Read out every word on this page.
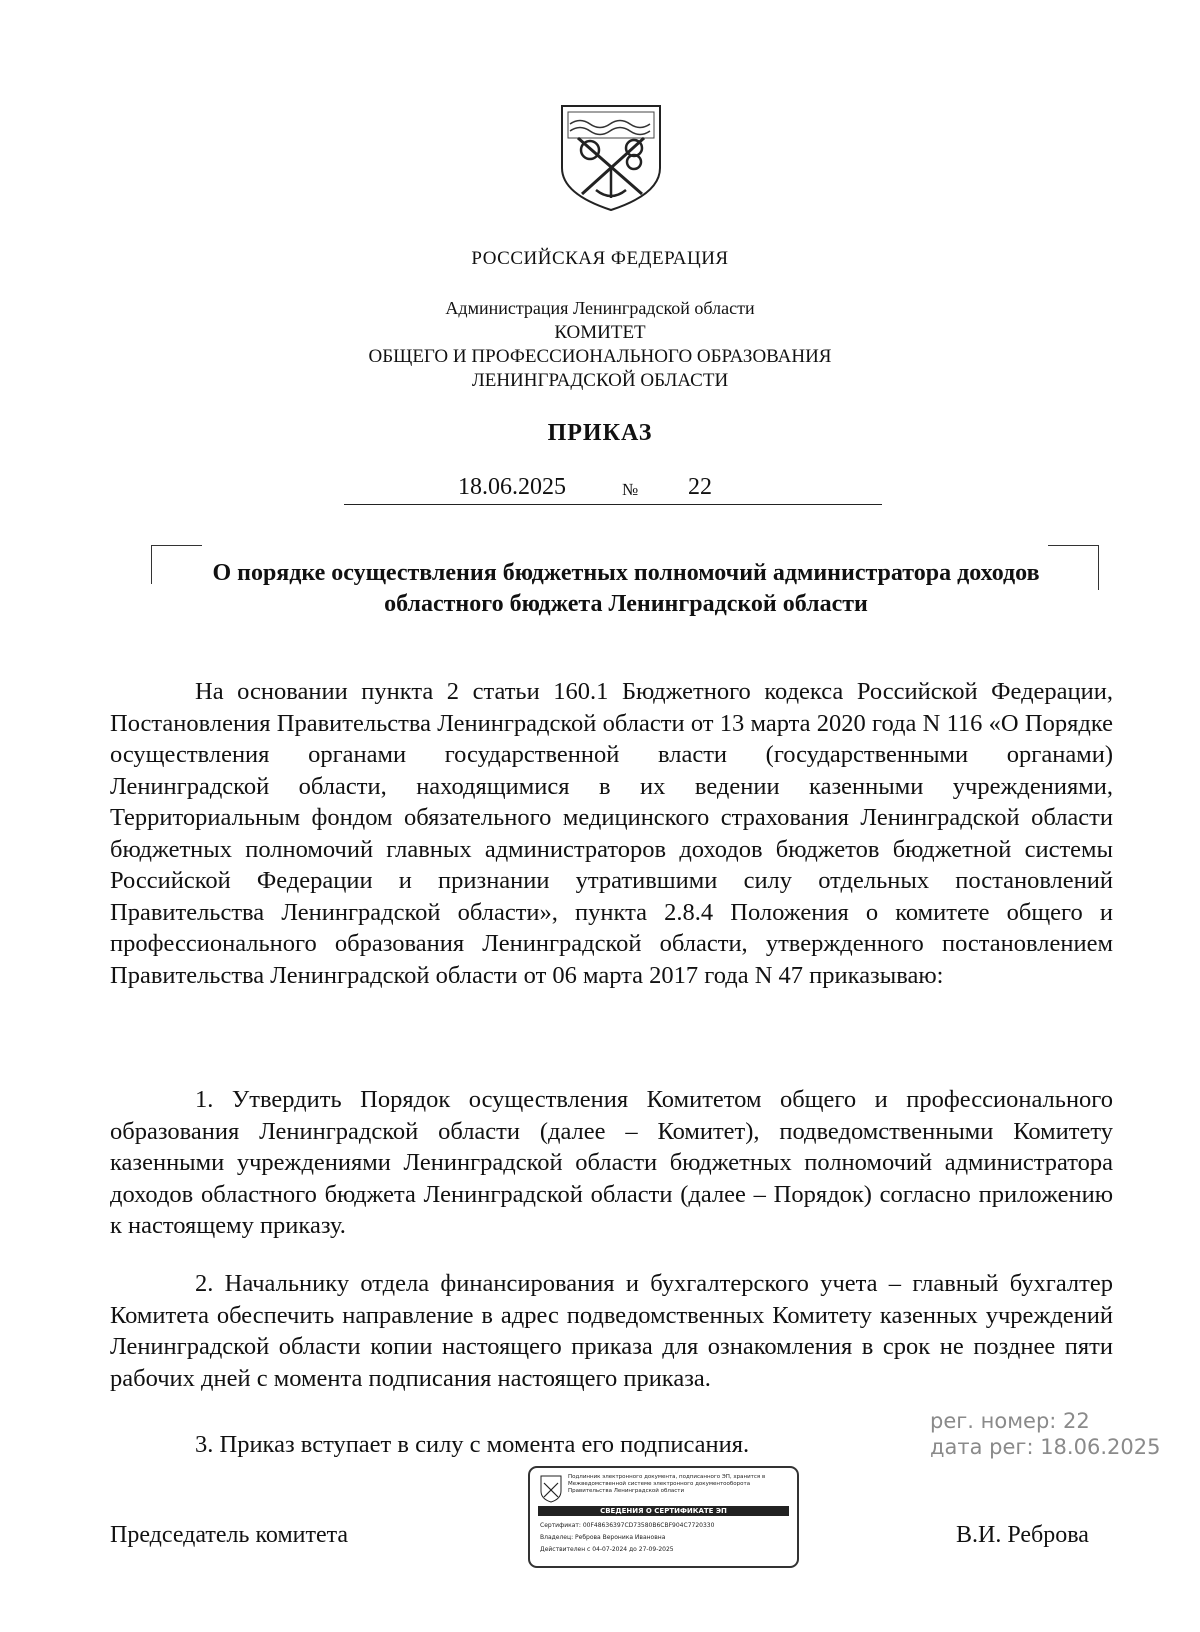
РОССИЙСКАЯ ФЕДЕРАЦИЯ
Администрация Ленинградской области
КОМИТЕТ
ОБЩЕГО И ПРОФЕССИОНАЛЬНОГО ОБРАЗОВАНИЯ
ЛЕНИНГРАДСКОЙ ОБЛАСТИ
ПРИКАЗ
18.06.2025	№ 22
О порядке осуществления бюджетных полномочий администратора доходов областного бюджета Ленинградской области

На основании пункта 2 статьи 160.1 Бюджетного кодекса Российской Федерации, Постановления Правительства Ленинградской области от 13 марта 2020 года N 116 «О Порядке осуществления органами государственной власти (государственными органами) Ленинградской области, находящимися в их ведении казенными учреждениями, Территориальным фондом обязательного медицинского страхования Ленинградской области бюджетных полномочий главных администраторов доходов бюджетов бюджетной системы Российской Федерации и признании утратившими силу отдельных постановлений Правительства Ленинградской области», пункта 2.8.4 Положения о комитете общего и профессионального образования Ленинградской области, утвержденного постановлением Правительства Ленинградской области от 06 марта 2017 года N 47 приказываю:

1. Утвердить Порядок осуществления Комитетом общего и профессионального образования Ленинградской области (далее – Комитет), подведомственными Комитету казенными учреждениями Ленинградской области бюджетных полномочий администратора доходов областного бюджета Ленинградской области (далее – Порядок) согласно приложению к настоящему приказу.

2. Начальнику отдела финансирования и бухгалтерского учета – главный бухгалтер Комитета обеспечить направление в адрес подведомственных Комитету казенных учреждений Ленинградской области копии настоящего приказа для ознакомления в срок не позднее пяти рабочих дней с момента подписания настоящего приказа.

3. Приказ вступает в силу с момента его подписания.

рег. номер: 22
дата рег: 18.06.2025
Председатель комитета	В.И. Реброва
Подлинник электронного документа, подписанного ЭП, хранится в Межведомственной системе электронного документооборота Правительства Ленинградской области
СВЕДЕНИЯ О СЕРТИФИКАТЕ ЭП
Сертификат: 00F48636397CD73580B6CBF904C7720330
Владелец: Реброва Вероника Ивановна
Действителен с 04-07-2024 до 27-09-2025
